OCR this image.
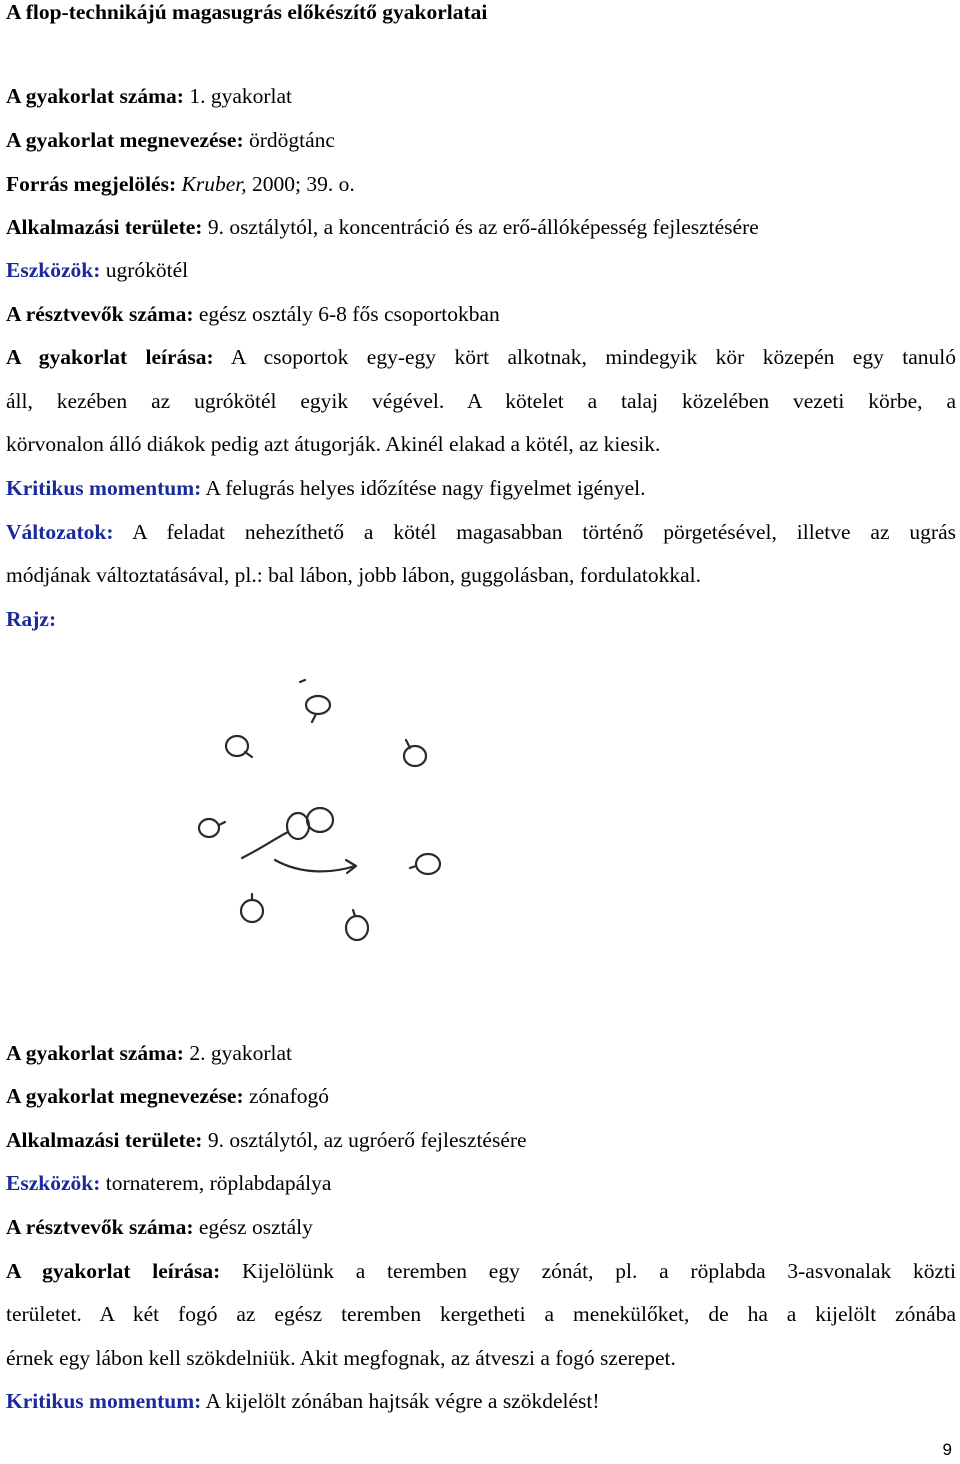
A flop-technikájú magasugrás előkészítő gyakorlatai
A gyakorlat száma: 1. gyakorlat
A gyakorlat megnevezése: ördögtánc
Forrás megjelölés: Kruber, 2000; 39. o.
Alkalmazási területe: 9. osztálytól, a koncentráció és az erő-állóképesség fejlesztésére
Eszközök: ugrókötél
A résztvevők száma: egész osztály 6-8 fős csoportokban
A gyakorlat leírása: A csoportok egy-egy kört alkotnak, mindegyik kör közepén egy tanuló
áll, kezében az ugrókötél egyik végével. A kötelet a talaj közelében vezeti körbe, a
körvonalon álló diákok pedig azt átugorják. Akinél elakad a kötél, az kiesik.
Kritikus momentum: A felugrás helyes időzítése nagy figyelmet igényel.
Változatok: A feladat nehezíthető a kötél magasabban történő pörgetésével, illetve az ugrás
módjának változtatásával, pl.: bal lábon, jobb lábon, guggolásban, fordulatokkal.
Rajz:
A gyakorlat száma: 2. gyakorlat
A gyakorlat megnevezése: zónafogó
Alkalmazási területe: 9. osztálytól, az ugróerő fejlesztésére
Eszközök: tornaterem, röplabdapálya
A résztvevők száma: egész osztály
A gyakorlat leírása: Kijelölünk a teremben egy zónát, pl. a röplabda 3-asvonalak közti
területet. A két fogó az egész teremben kergetheti a menekülőket, de ha a kijelölt zónába
érnek egy lábon kell szökdelniük. Akit megfognak, az átveszi a fogó szerepet.
Kritikus momentum: A kijelölt zónában hajtsák végre a szökdelést!
9
